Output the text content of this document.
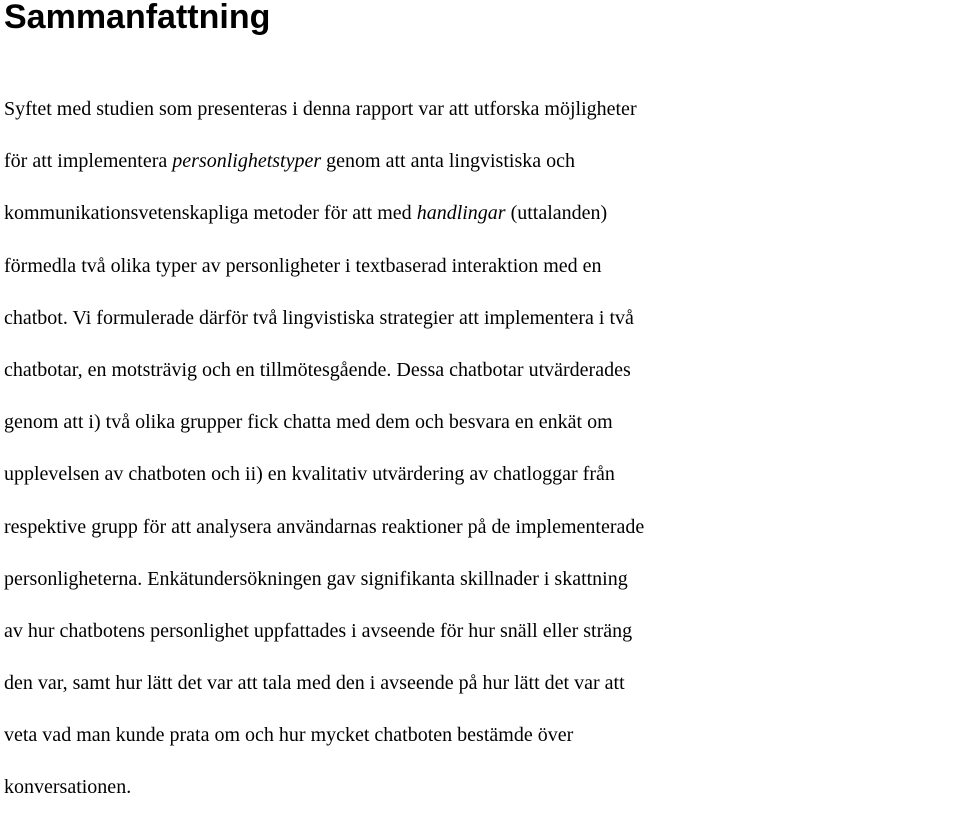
Sammanfattning
Syftet med studien som presenteras i denna rapport var att utforska möjligheter
för att implementera personlighetstyper genom att anta lingvistiska och
kommunikationsvetenskapliga metoder för att med handlingar (uttalanden)
förmedla två olika typer av personligheter i textbaserad interaktion med en
chatbot. Vi formulerade därför två lingvistiska strategier att implementera i två
chatbotar, en motsträvig och en tillmötesgående. Dessa chatbotar utvärderades
genom att i) två olika grupper fick chatta med dem och besvara en enkät om
upplevelsen av chatboten och ii) en kvalitativ utvärdering av chatloggar från
respektive grupp för att analysera användarnas reaktioner på de implementerade
personligheterna. Enkätundersökningen gav signifikanta skillnader i skattning
av hur chatbotens personlighet uppfattades i avseende för hur snäll eller sträng
den var, samt hur lätt det var att tala med den i avseende på hur lätt det var att
veta vad man kunde prata om och hur mycket chatboten bestämde över
konversationen.
